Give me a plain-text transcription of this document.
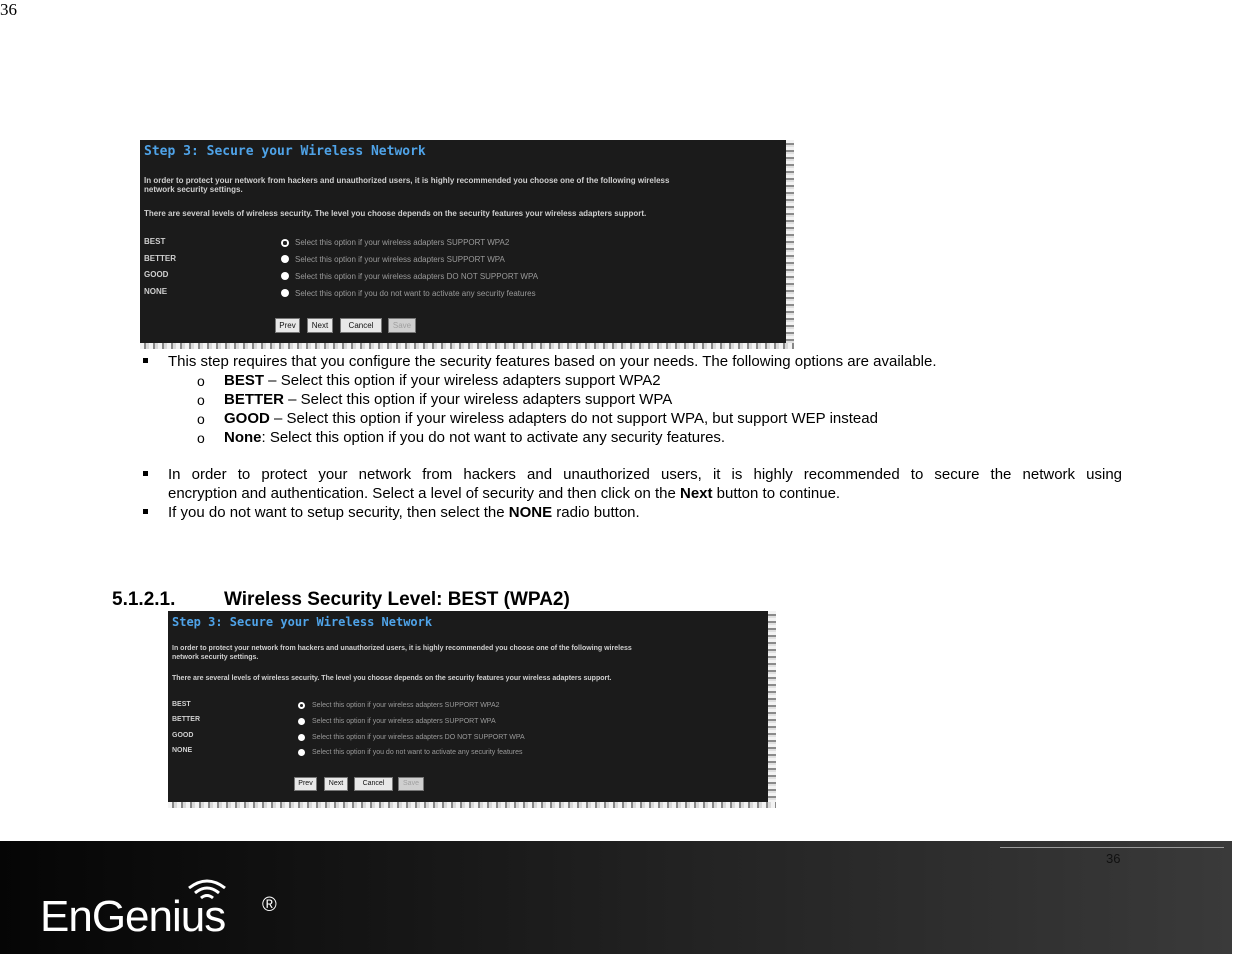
36
Step 3: Secure your Wireless Network
In order to protect your network from hackers and unauthorized users, it is highly recommended you choose one of the following wireless
network security settings.
There are several levels of wireless security. The level you choose depends on the security features your wireless adapters support.
BEST	Select this option if your wireless adapters SUPPORT WPA2
BETTER	Select this option if your wireless adapters SUPPORT WPA
GOOD	Select this option if your wireless adapters DO NOT SUPPORT WPA
NONE	Select this option if you do not want to activate any security features
Prev	Next	Cancel	Save
This step requires that you configure the security features based on your needs. The following options are available.
o BEST – Select this option if your wireless adapters support WPA2
o BETTER – Select this option if your wireless adapters support WPA
o GOOD – Select this option if your wireless adapters do not support WPA, but support WEP instead
o None: Select this option if you do not want to activate any security features.
In order to protect your network from hackers and unauthorized users, it is highly recommended to secure the network using
encryption and authentication. Select a level of security and then click on the Next button to continue.
If you do not want to setup security, then select the NONE radio button.
5.1.2.1.	Wireless Security Level: BEST (WPA2)
Step 3: Secure your Wireless Network
In order to protect your network from hackers and unauthorized users, it is highly recommended you choose one of the following wireless
network security settings.
There are several levels of wireless security. The level you choose depends on the security features your wireless adapters support.
BEST	Select this option if your wireless adapters SUPPORT WPA2
BETTER	Select this option if your wireless adapters SUPPORT WPA
GOOD	Select this option if your wireless adapters DO NOT SUPPORT WPA
NONE	Select this option if you do not want to activate any security features
Prev	Next	Cancel	Save
36
EnGenius ®
